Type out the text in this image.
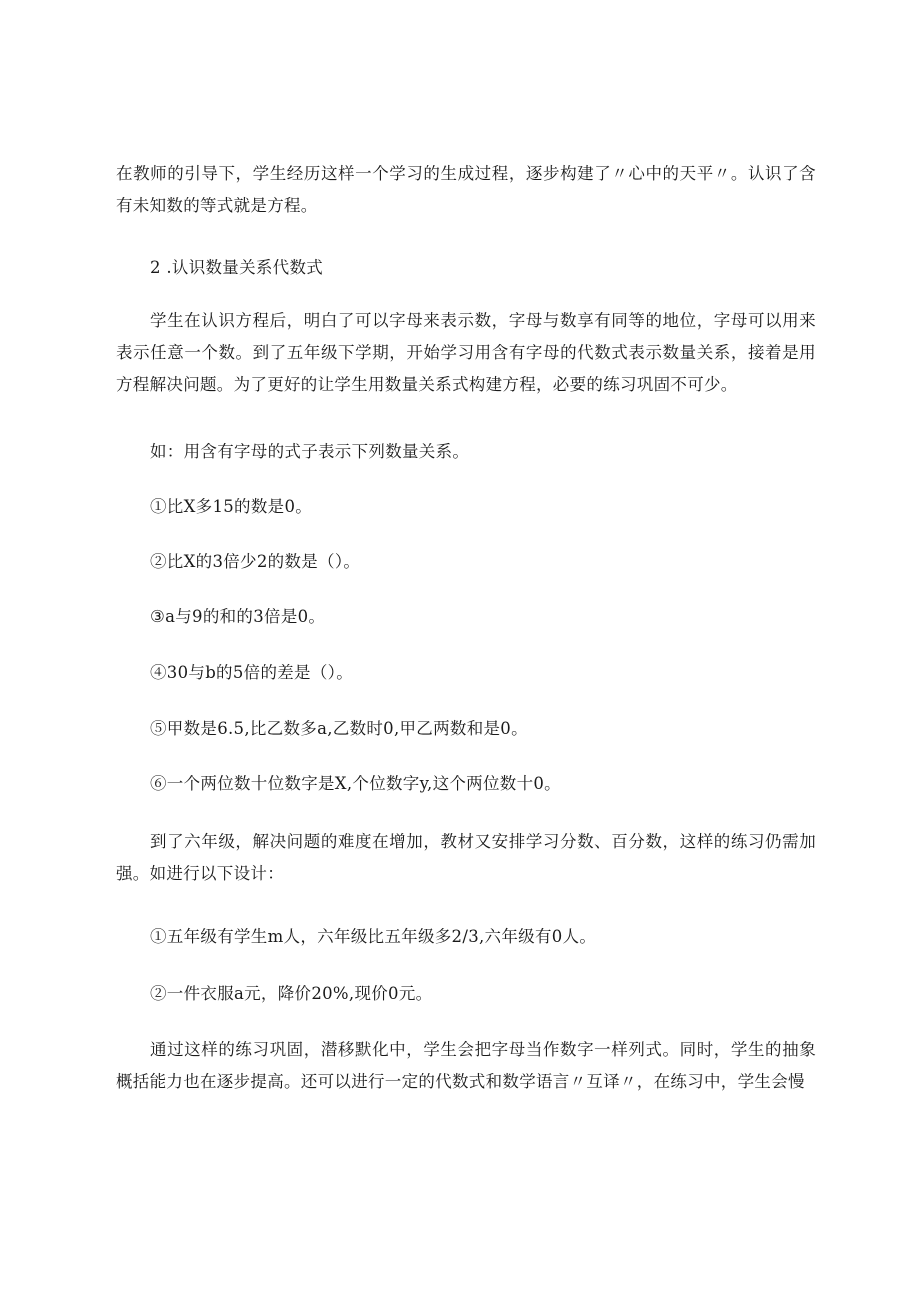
在教师的引导下，学生经历这样一个学习的生成过程，逐步构建了〃心中的天平〃。认识了含有未知数的等式就是方程。

2 .认识数量关系代数式

学生在认识方程后，明白了可以字母来表示数，字母与数享有同等的地位，字母可以用来表示任意一个数。到了五年级下学期，开始学习用含有字母的代数式表示数量关系，接着是用方程解决问题。为了更好的让学生用数量关系式构建方程，必要的练习巩固不可少。

如：用含有字母的式子表示下列数量关系。

①比X多15的数是0。

②比X的3倍少2的数是（）。

③a与9的和的3倍是0。

④30与b的5倍的差是（）。

⑤甲数是6.5,比乙数多a,乙数时0,甲乙两数和是0。

⑥一个两位数十位数字是X,个位数字y,这个两位数十0。

到了六年级，解决问题的难度在增加，教材又安排学习分数、百分数，这样的练习仍需加强。如进行以下设计：

①五年级有学生m人，六年级比五年级多2/3,六年级有0人。

②一件衣服a元，降价20%,现价0元。

通过这样的练习巩固，潜移默化中，学生会把字母当作数字一样列式。同时，学生的抽象概括能力也在逐步提高。还可以进行一定的代数式和数学语言〃互译〃，在练习中，学生会慢
